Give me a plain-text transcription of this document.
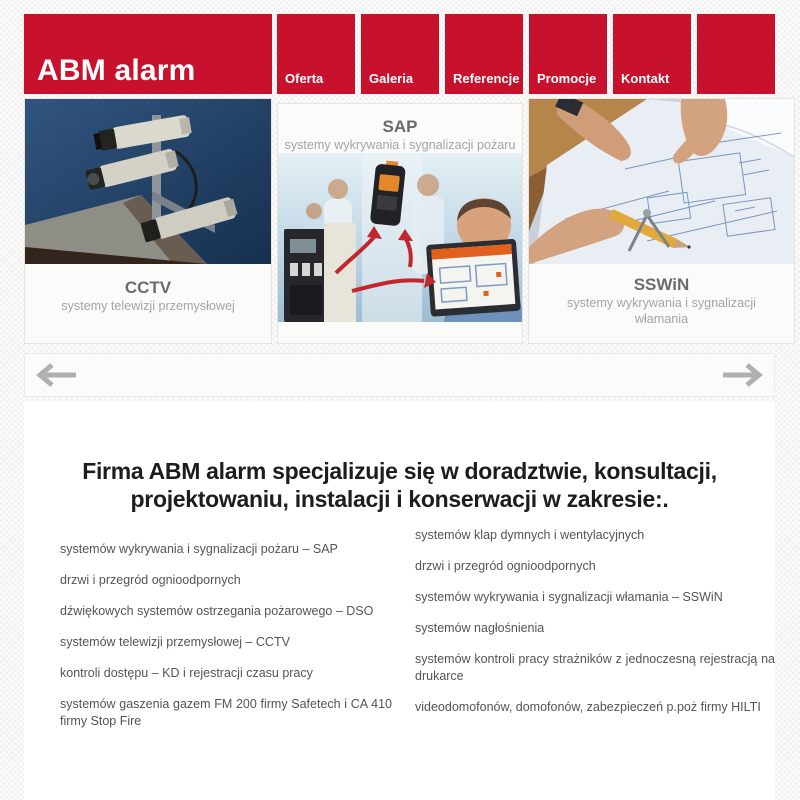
ABM alarm	Oferta	Galeria	Referencje Promocje Kontakt
CCTV
systemy telewizji przemysłowej
SAP
systemy wykrywania i sygnalizacji pożaru
SSWiN
systemy wykrywania i sygnalizacji włamania
Firma ABM alarm specjalizuje się w doradztwie, konsultacji,
projektowaniu, instalacji i konserwacji w zakresie:.

systemów wykrywania i sygnalizacji pożaru – SAP

drzwi i przegród ognioodpornych

dźwiękowych systemów ostrzegania pożarowego – DSO

systemów telewizji przemysłowej – CCTV

kontroli dostępu – KD i rejestracji czasu pracy

systemów gaszenia gazem FM 200 firmy Safetech i CA 410 firmy Stop Fire

systemów klap dymnych i wentylacyjnych

drzwi i przegród ognioodpornych

systemów wykrywania i sygnalizacji włamania – SSWiN

systemów nagłośnienia

systemów kontroli pracy strażników z jednoczesną rejestracją na drukarce

videodomofonów, domofonów, zabezpieczeń p.poż firmy HILTI
